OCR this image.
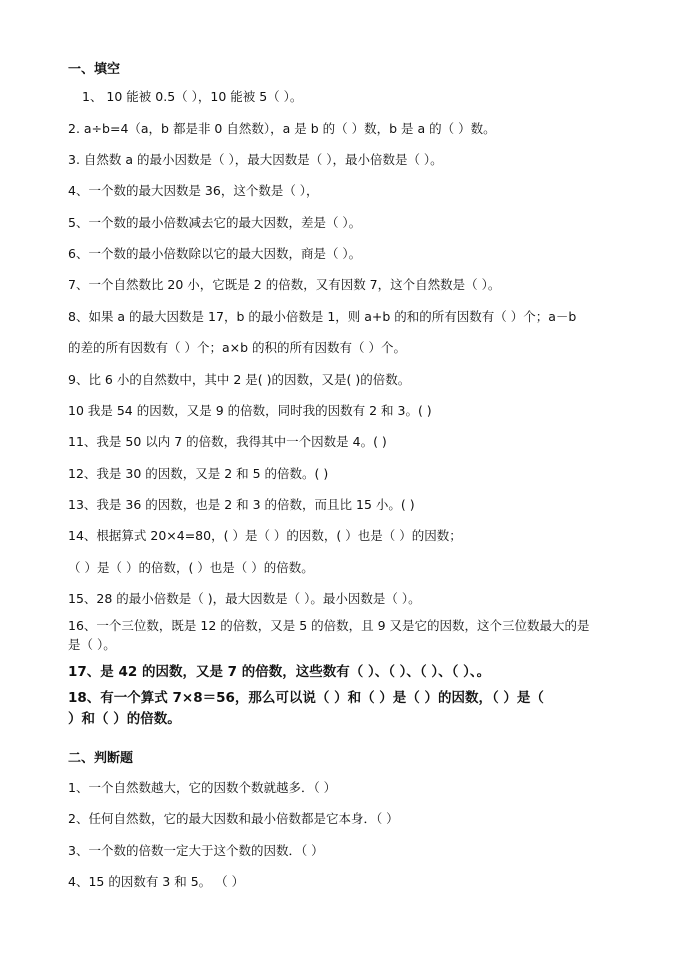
一、填空
1、 10 能被 0.5（ ），10 能被 5（ ）。
2. a÷b=4（a，b 都是非 0 自然数），a 是 b 的（ ）数，b 是 a 的（ ）数。
3. 自然数 a 的最小因数是（ ），最大因数是（ ），最小倍数是（ ）。
4、一个数的最大因数是 36，这个数是（ ），
5、一个数的最小倍数减去它的最大因数，差是（ ）。
6、一个数的最小倍数除以它的最大因数，商是（ ）。
7、一个自然数比 20 小，它既是 2 的倍数，又有因数 7，这个自然数是（ ）。
8、如果 a 的最大因数是 17，b 的最小倍数是 1，则 a+b 的和的所有因数有（ ）个；a－b
的差的所有因数有（ ）个；a×b 的积的所有因数有（ ）个。
9、比 6 小的自然数中，其中 2 是( )的因数，又是( )的倍数。
10 我是 54 的因数，又是 9 的倍数，同时我的因数有 2 和 3。( )
11、我是 50 以内 7 的倍数，我得其中一个因数是 4。( )
12、我是 30 的因数，又是 2 和 5 的倍数。( )
13、我是 36 的因数，也是 2 和 3 的倍数，而且比 15 小。( )
14、根据算式 20×4=80，( ）是（ ）的因数，( ）也是（ ）的因数；
（ ）是（ ）的倍数，( ）也是（ ）的倍数。
15、28 的最小倍数是（ )，最大因数是（ ）。最小因数是（ ）。
16、一个三位数，既是 12 的倍数，又是 5 的倍数，且 9 又是它的因数，这个三位数最大的是
是（ ）。
17、是 42 的因数，又是 7 的倍数，这些数有（ ）、（ ）、（ ）、（ ）、。
18、有一个算式 7×8＝56，那么可以说（ ）和（ ）是（ ）的因数，（ ）是（
）和（ ）的倍数。
二、判断题
1、一个自然数越大，它的因数个数就越多．（ ）
2、任何自然数，它的最大因数和最小倍数都是它本身．（ ）
3、一个数的倍数一定大于这个数的因数．（ ）
4、15 的因数有 3 和 5。 （ ）
